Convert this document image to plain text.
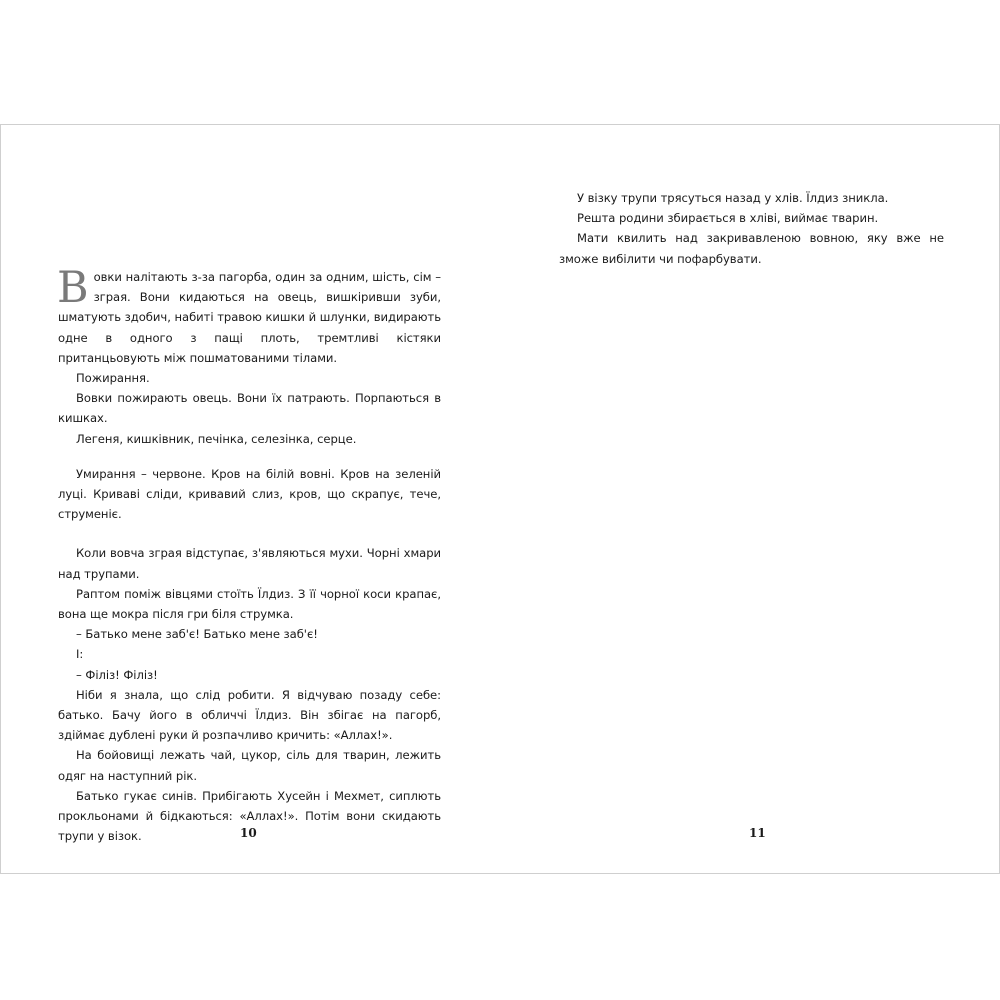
Вовки налітають з-за пагорба, один за одним, шість, сім – зграя. Вони кидаються на овець, вишкіривши зуби, шматують здобич, набиті травою кишки й шлунки, видирають одне в одного з пащі плоть, тремтливі кістяки пританцьовують між пошматованими тілами.

Пожирання.

Вовки пожирають овець. Вони їх патрають. Порпаються в кишках.

Легеня, кишківник, печінка, селезінка, серце.

Умирання – червоне. Кров на білій вовні. Кров на зеленій луці. Криваві сліди, кривавий слиз, кров, що скрапує, тече, струменіє.

Коли вовча зграя відступає, з'являються мухи. Чорні хмари над трупами.

Раптом поміж вівцями стоїть Їлдиз. З її чорної коси крапає, вона ще мокра після гри біля струмка.

– Батько мене заб'є! Батько мене заб'є!

І:

– Філіз! Філіз!

Ніби я знала, що слід робити. Я відчуваю позаду себе: батько. Бачу його в обличчі Їлдиз. Він збігає на пагорб, здіймає дублені руки й розпачливо кричить: «Аллах!».

На бойовищі лежать чай, цукор, сіль для тварин, лежить одяг на наступний рік.

Батько гукає синів. Прибігають Хусейн і Мехмет, сиплють прокльонами й бідкаються: «Аллах!». Потім вони скидають трупи у візок.	10

У візку трупи трясуться назад у хлів. Їлдиз зникла.

Решта родини збирається в хліві, виймає тварин.

Мати квилить над закривавленою вовною, яку вже не зможе вибілити чи пофарбувати.

11
